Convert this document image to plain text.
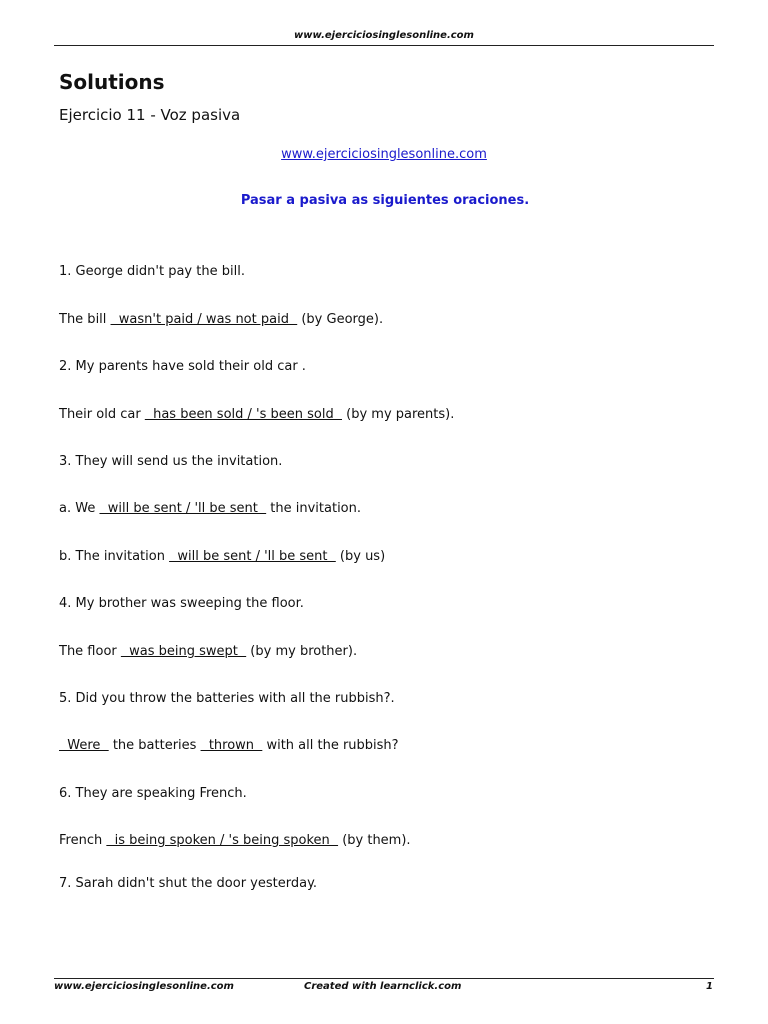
www.ejerciciosinglesonline.com
Solutions
Ejercicio 11 - Voz pasiva
www.ejerciciosinglesonline.com
Pasar a pasiva as siguientes oraciones.
1. George didn't pay the bill.
The bill   wasn't paid / was not paid   (by George).
2. My parents have sold their old car .
Their old car   has been sold / 's been sold   (by my parents).
3. They will send us the invitation.
a. We   will be sent / 'll be sent   the invitation.
b. The invitation   will be sent / 'll be sent   (by us)
4. My brother was sweeping the floor.
The floor   was being swept   (by my brother).
5. Did you throw the batteries with all the rubbish?.
Were   the batteries   thrown   with all the rubbish?
6. They are speaking French.
French   is being spoken / 's being spoken   (by them).
7. Sarah didn't shut the door yesterday.
www.ejerciciosinglesonline.com	Created with learnclick.com	1
